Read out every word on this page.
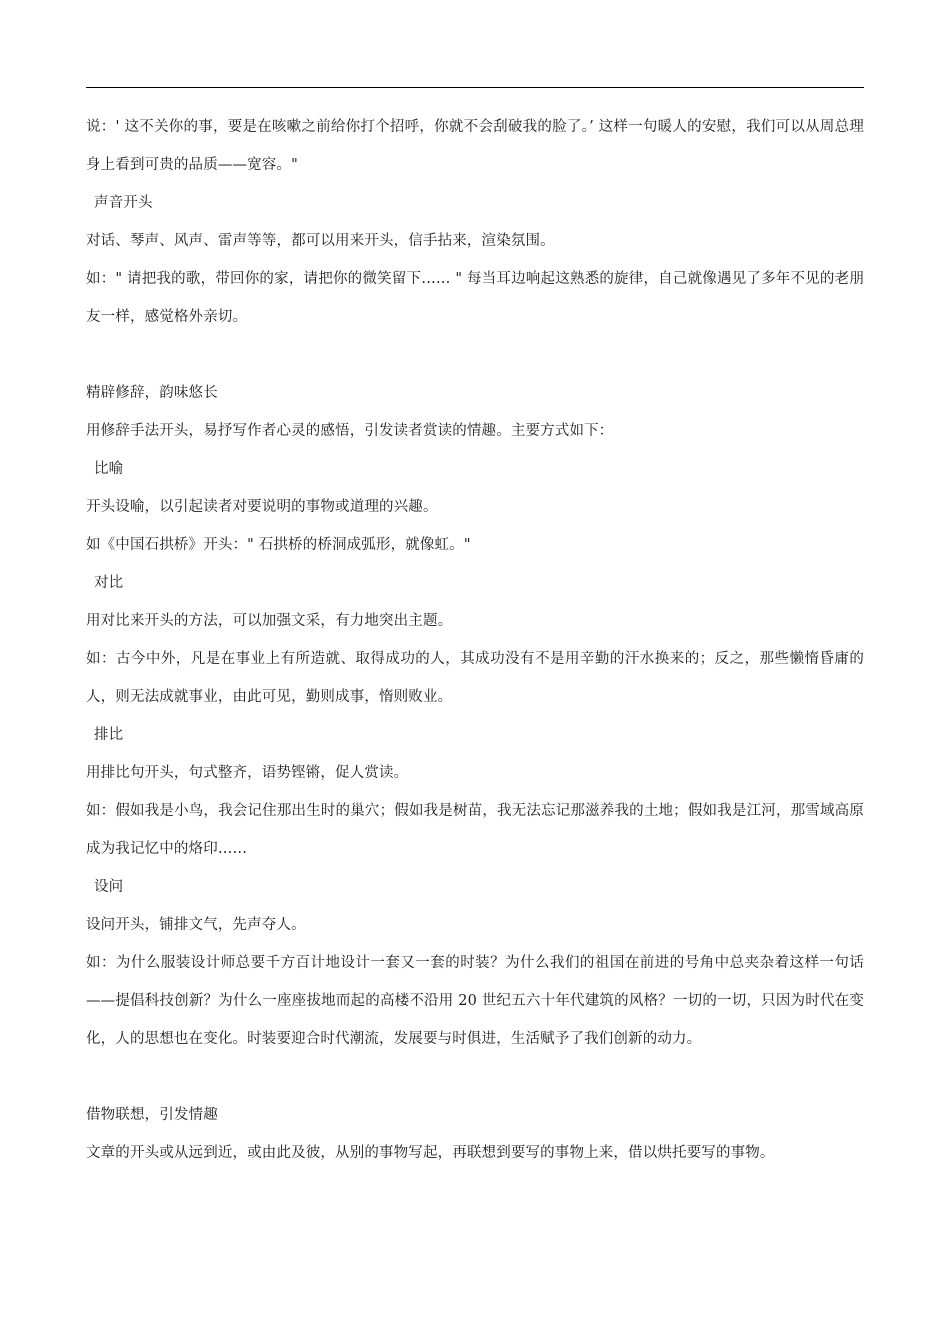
说：' 这不关你的事，要是在咳嗽之前给你打个招呼，你就不会刮破我的脸了。’ 这样一句暖人的安慰，我们可以从周总理身上看到可贵的品质——宽容。"

声音开头

对话、琴声、风声、雷声等等，都可以用来开头，信手拈来，渲染氛围。

如：" 请把我的歌，带回你的家，请把你的微笑留下…… " 每当耳边响起这熟悉的旋律，自己就像遇见了多年不见的老朋友一样，感觉格外亲切。

精辟修辞，韵味悠长

用修辞手法开头，易抒写作者心灵的感悟，引发读者赏读的情趣。主要方式如下：

比喻

开头设喻，以引起读者对要说明的事物或道理的兴趣。

如《中国石拱桥》开头：" 石拱桥的桥洞成弧形，就像虹。"

对比

用对比来开头的方法，可以加强文采，有力地突出主题。

如：古今中外，凡是在事业上有所造就、取得成功的人，其成功没有不是用辛勤的汗水换来的；反之，那些懒惰昏庸的人，则无法成就事业，由此可见，勤则成事，惰则败业。

排比

用排比句开头，句式整齐，语势铿锵，促人赏读。

如：假如我是小鸟，我会记住那出生时的巢穴；假如我是树苗，我无法忘记那滋养我的土地；假如我是江河，那雪域高原成为我记忆中的烙印……

设问

设问开头，铺排文气，先声夺人。

如：为什么服装设计师总要千方百计地设计一套又一套的时装？为什么我们的祖国在前进的号角中总夹杂着这样一句话——提倡科技创新？为什么一座座拔地而起的高楼不沿用 20 世纪五六十年代建筑的风格？一切的一切，只因为时代在变化，人的思想也在变化。时装要迎合时代潮流，发展要与时俱进，生活赋予了我们创新的动力。

借物联想，引发情趣

文章的开头或从远到近，或由此及彼，从别的事物写起，再联想到要写的事物上来，借以烘托要写的事物。
